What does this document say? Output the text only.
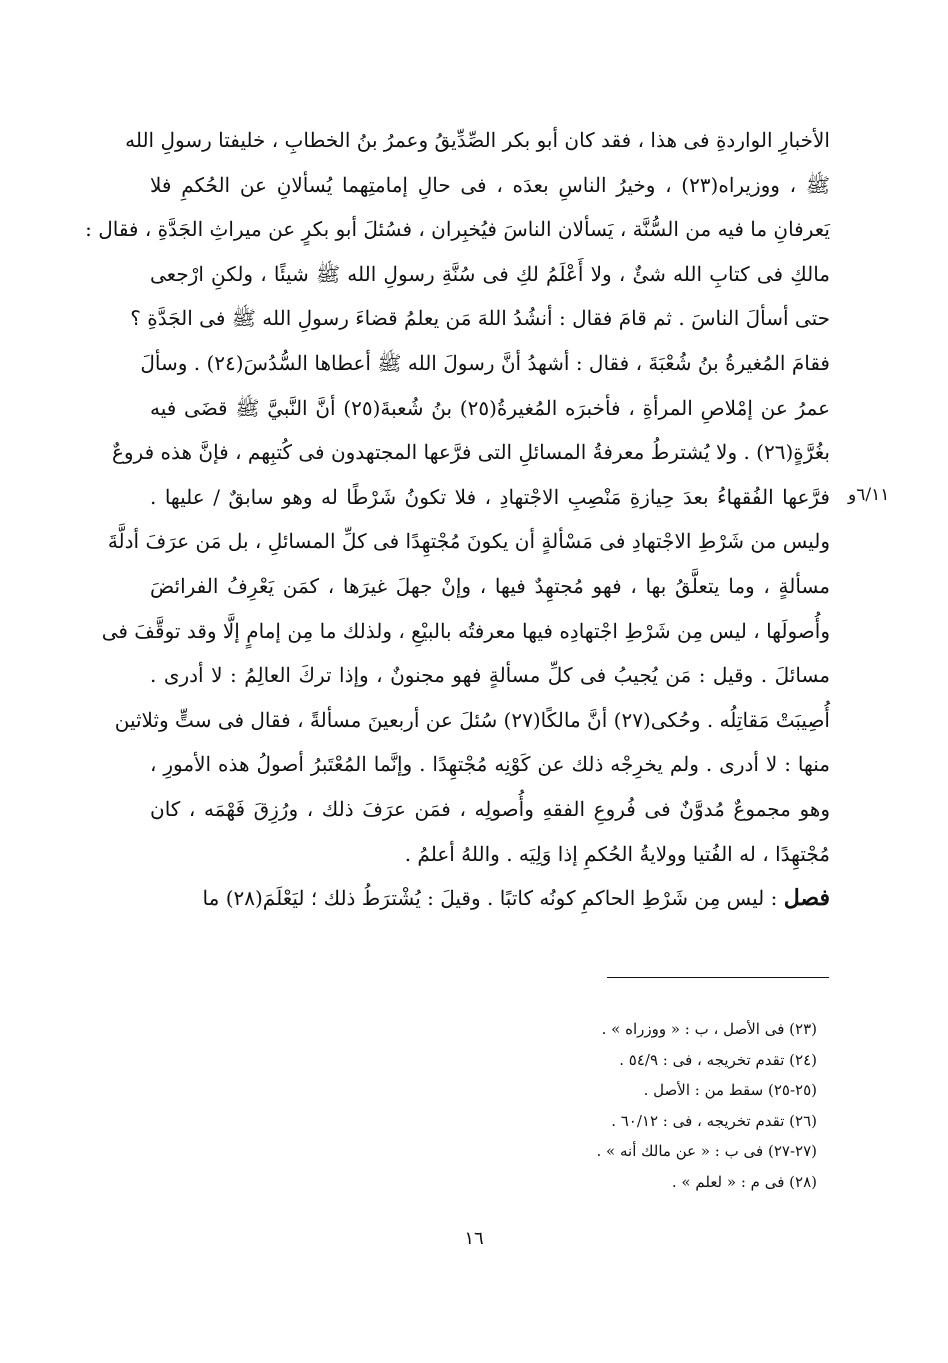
٦/١١و
الأخبارِ الواردةِ فى هذا ، فقد كان أبو بكر الصِّدِّيقُ وعمرُ بنُ الخطابِ ، خليفتا رسولِ الله
ﷺ ، ووزيراه(٢٣) ، وخيرُ الناسِ بعدَه ، فى حالِ إمامتِهما يُسألانِ عن الحُكمِ فلا
يَعرفانِ ما فيه من السُّنَّة ، يَسألان الناسَ فيُخبِران ، فسُئلَ أبو بكرٍ عن ميراثِ الجَدَّةِ ، فقال :
مالكِ فى كتابِ الله شئٌ ، ولا أَعْلَمُ لكِ فى سُنَّةِ رسولِ الله ﷺ شيئًا ، ولكنِ ارْجعى
حتى أسألَ الناسَ . ثم قامَ فقال : أنشُدُ اللهَ مَن يعلمُ قضاءَ رسولِ الله ﷺ فى الجَدَّةِ ؟
فقامَ المُغيرةُ بنُ شُعْبَةَ ، فقال : أشهدُ أنَّ رسولَ الله ﷺ أعطاها السُّدُسَ(٢٤) . وسألَ
عمرُ عن إمْلاصِ المرأةِ ، فأخبرَه المُغيرةُ(٢٥) بنُ شُعبةَ(٢٥) أنَّ النَّبيَّ ﷺ قضَى فيه
بغُرَّةٍ(٢٦) . ولا يُشترطُ معرفةُ المسائلِ التى فرَّعها المجتهدون فى كُتبِهم ، فإنَّ هذه فروعٌ
فرَّعها الفُقهاءُ بعدَ حِيازةِ مَنْصِبِ الاجْتهادِ ، فلا تكونُ شَرْطًا له وهو سابقٌ / عليها .
وليس من شَرْطِ الاجْتهادِ فى مَسْألةٍ أن يكونَ مُجْتهِدًا فى كلِّ المسائلِ ، بل مَن عرَفَ أدلَّةَ
مسألةٍ ، وما يتعلَّقُ بها ، فهو مُجتهِدٌ فيها ، وإنْ جهلَ غيرَها ، كمَن يَعْرِفُ الفرائضَ
وأُصولَها ، ليس مِن شَرْطِ اجْتهادِه فيها معرفتُه بالبيْعِ ، ولذلك ما مِن إمامٍ إلَّا وقد توقَّفَ فى
مسائلَ . وقيل : مَن يُجيبُ فى كلِّ مسألةٍ فهو مجنونٌ ، وإذا تركَ العالِمُ : لا أدرى .
أُصِيبَتْ مَقاتِلُه . وحُكى(٢٧) أنَّ مالكًا(٢٧) سُئلَ عن أربعينَ مسألةً ، فقال فى ستٍّ وثلاثين
منها : لا أدرى . ولم يخرِجْه ذلك عن كَوْنِه مُجْتهِدًا . وإنَّما المُعْتَبرُ أصولُ هذه الأمورِ ،
وهو مجموعٌ مُدوَّنٌ فى فُروعِ الفقهِ وأُصولِه ، فمَن عرَفَ ذلك ، ورُزِقَ فَهْمَه ، كان
مُجْتهِدًا ، له الفُتيا وولايةُ الحُكمِ إذا وَلِيَه . واللهُ أعلمُ .
فصل : ليس مِن شَرْطِ الحاكمِ كونُه كاتبًا . وقيلَ : يُشْترَطُ ذلك ؛ ليَعْلَمَ(٢٨) ما
(٢٣) فى الأصل ، ب : « ووزراه » .
(٢٤) تقدم تخريجه ، فى : ٥٤/٩ .
(٢٥-٢٥) سقط من : الأصل .
(٢٦) تقدم تخريجه ، فى : ٦٠/١٢ .
(٢٧-٢٧) فى ب : « عن مالك أنه » .
(٢٨) فى م : « لعلم » .
١٦
